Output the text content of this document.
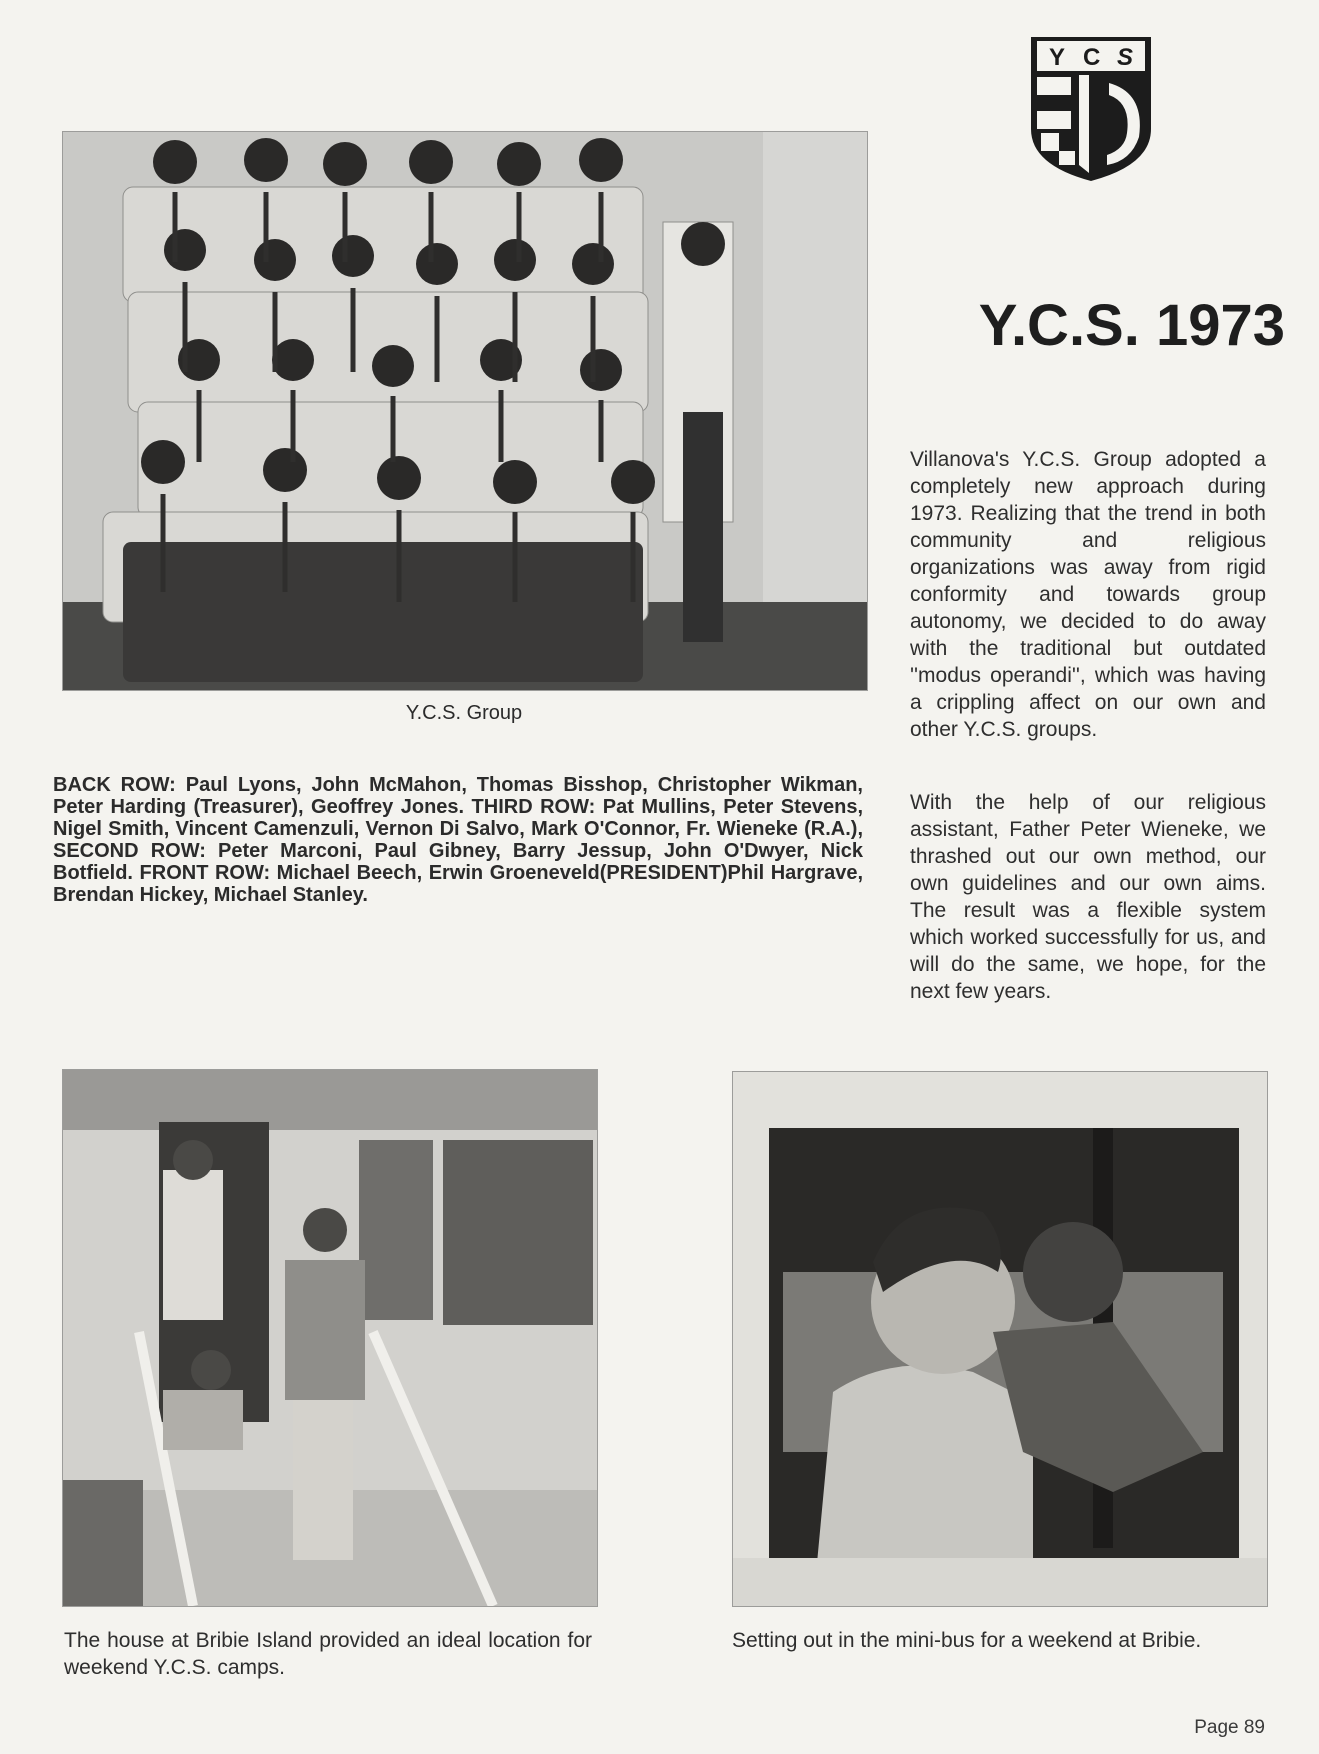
Y C S
Y.C.S. Group
BACK ROW: Paul Lyons, John McMahon, Thomas Bisshop, Christopher Wikman, Peter Harding (Treasurer), Geoffrey Jones. THIRD ROW: Pat Mullins, Peter Stevens, Nigel Smith, Vincent Camenzuli, Vernon Di Salvo, Mark O'Connor, Fr. Wieneke (R.A.), SECOND ROW: Peter Marconi, Paul Gibney, Barry Jessup, John O'Dwyer, Nick Botfield. FRONT ROW: Michael Beech, Erwin Groeneveld(PRESIDENT)Phil Hargrave, Brendan Hickey, Michael Stanley.
Y.C.S. 1973

Villanova's Y.C.S. Group adopted a completely new approach during 1973. Realizing that the trend in both community and religious organizations was away from rigid conformity and towards group autonomy, we decided to do away with the traditional but outdated ''modus operandi'', which was having a crippling affect on our own and other Y.C.S. groups.

With the help of our religious assistant, Father Peter Wieneke, we thrashed out our own method, our own guidelines and our own aims. The result was a flexible system which worked successfully for us, and will do the same, we hope, for the next few years.

The house at Bribie Island provided an ideal location for weekend Y.C.S. camps.
Setting out in the mini-bus for a weekend at Bribie.
Page 89
